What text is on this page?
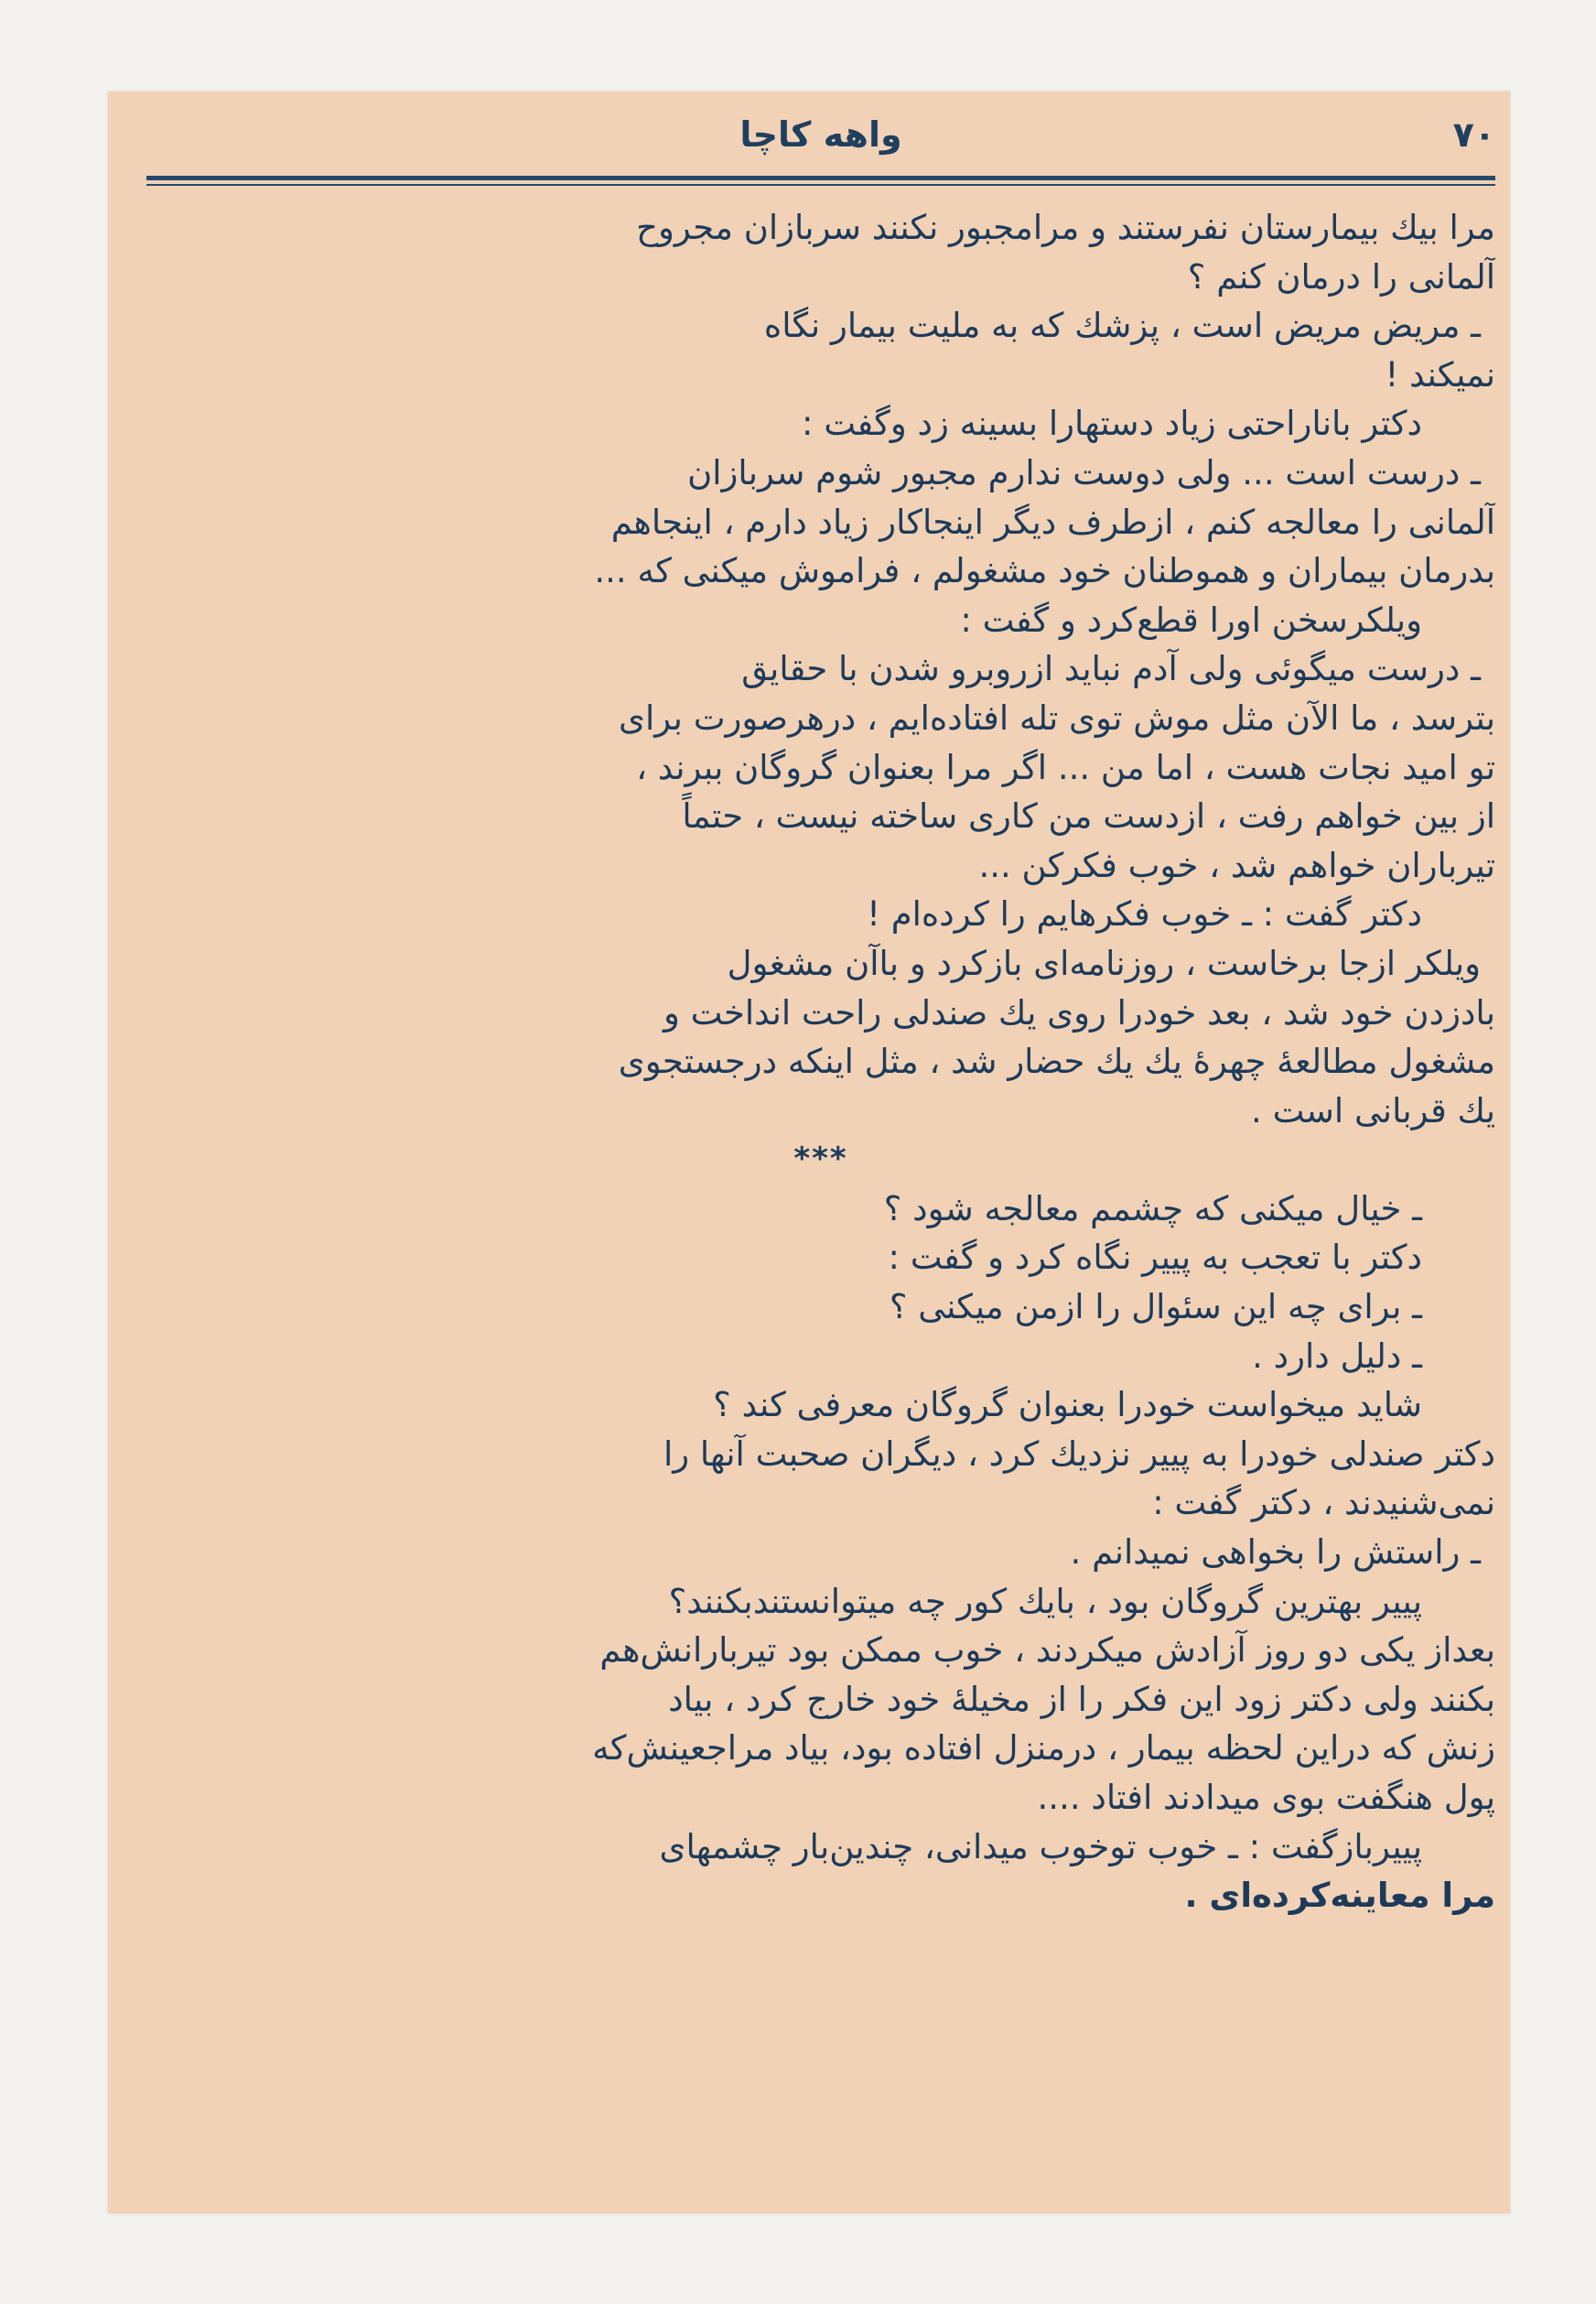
واهه کاچا	۷۰
مرا بیك بیمارستان نفرستند و مرامجبور نکنند سربازان مجروح
آلمانی را درمان کنم ؟
ـ مریض مریض است ، پزشك که به ملیت بیمار نگاه
نمیکند !
دکتر باناراحتی زیاد دستهارا بسینه زد وگفت :
ـ درست است ... ولی دوست ندارم مجبور شوم سربازان
آلمانی را معالجه کنم ، ازطرف دیگر اینجاکار زیاد دارم ، اینجاهم
بدرمان بیماران و هموطنان خود مشغولم ، فراموش میکنی که ...
ویلکرسخن اورا قطع‌کرد و گفت :
ـ درست میگوئی ولی آدم نباید ازروبرو شدن با حقایق
بترسد ، ما الآن مثل موش توی تله افتاده‌ایم ، درهرصورت برای
تو امید نجات هست ، اما من ... اگر مرا بعنوان گروگان ببرند ،
از بین خواهم رفت ، ازدست من کاری ساخته نیست ، حتماً
تیرباران خواهم شد ، خوب فکرکن ...
دکتر گفت : ـ خوب فکرهایم را کرده‌ام !
ویلکر ازجا برخاست ، روزنامه‌ای بازکرد و باآن مشغول
بادزدن خود شد ، بعد خودرا روی یك صندلی راحت انداخت و
مشغول مطالعهٔ چهرهٔ یك یك حضار شد ، مثل اینکه درجستجوی
یك قربانی است .
***
ـ خیال میکنی که چشمم معالجه شود ؟
دکتر با تعجب به پییر نگاه کرد و گفت :
ـ برای چه این سئوال را ازمن میکنی ؟
ـ دلیل دارد .
شاید میخواست خودرا بعنوان گروگان معرفی کند ؟
دکتر صندلی خودرا به پییر نزدیك کرد ، دیگران صحبت آنها را
نمی‌شنیدند ، دکتر گفت :
ـ راستش را بخواهی نمیدانم .
پییر بهترین گروگان بود ، بایك کور چه میتوانستندبکنند؟
بعداز یکی دو روز آزادش میکردند ، خوب ممکن بود تیربارانش‌هم
بکنند ولی دکتر زود این فکر را از مخیلهٔ خود خارج کرد ، بیاد
زنش که دراین لحظه بیمار ، درمنزل افتاده بود، بیاد مراجعینش‌که
پول هنگفت بوی میدادند افتاد ....
پییربازگفت : ـ خوب توخوب میدانی، چندین‌بار چشمهای
مرا معاینه‌کرده‌ای .
